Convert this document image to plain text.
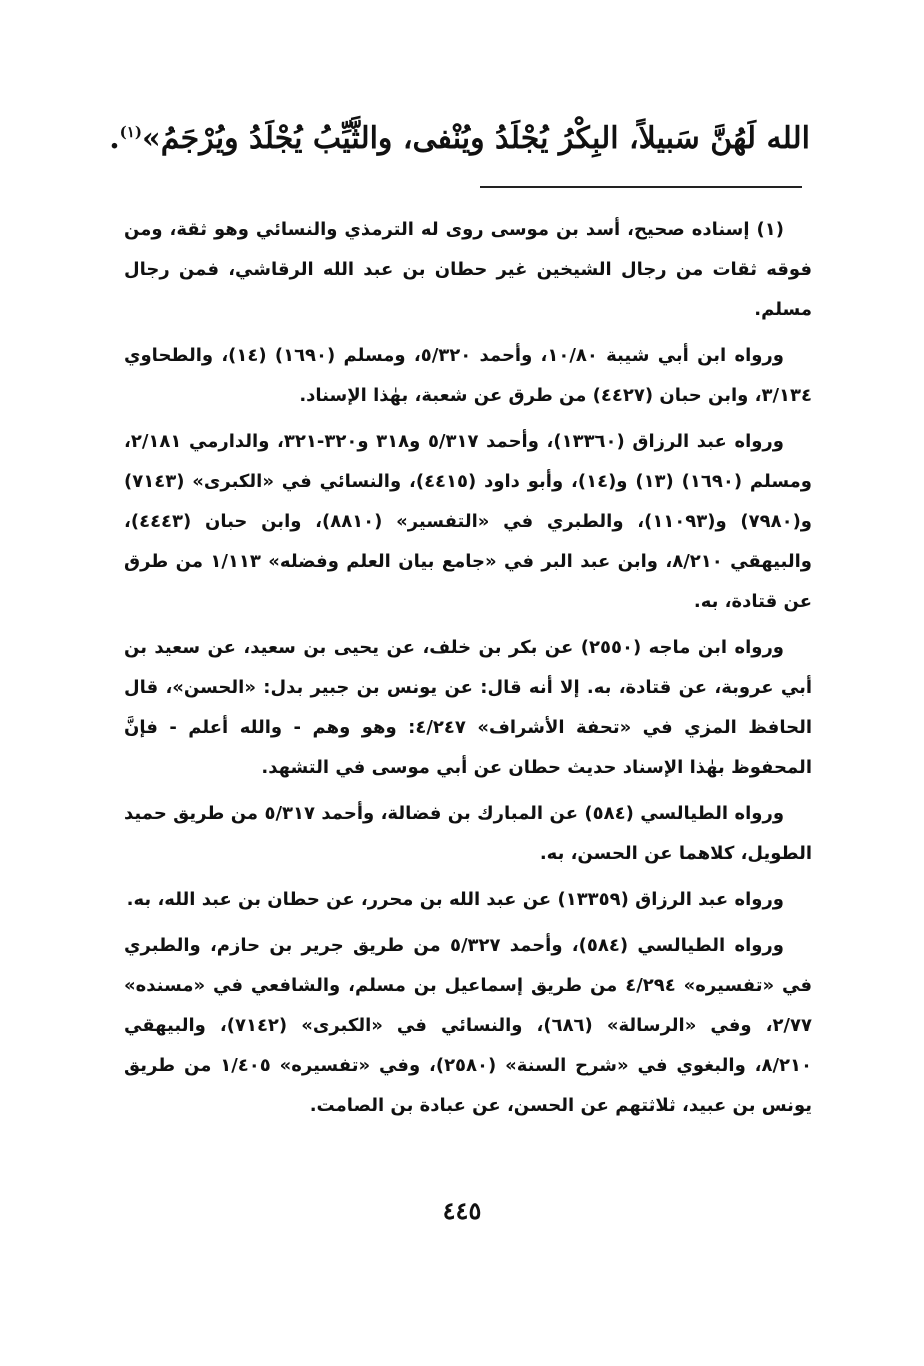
الله لَهُنَّ سَبيلاً، البِكْرُ يُجْلَدُ ويُنْفى، والثَّيِّبُ يُجْلَدُ ويُرْجَمُ»$^{(١)}$.

(١) إسناده صحيح، أسد بن موسى روى له الترمذي والنسائي وهو ثقة، ومن فوقه ثقات من رجال الشيخين غير حطان بن عبد الله الرقاشي، فمن رجال مسلم.

ورواه ابن أبي شيبة ١٠/٨٠، وأحمد ٥/٣٢٠، ومسلم (١٦٩٠) (١٤)، والطحاوي ٣/١٣٤، وابن حبان (٤٤٢٧) من طرق عن شعبة، بهٰذا الإسناد.

ورواه عبد الرزاق (١٣٣٦٠)، وأحمد ٥/٣١٧ و٣١٨ و٣٢٠-٣٢١، والدارمي ٢/١٨١، ومسلم (١٦٩٠) (١٣) و(١٤)، وأبو داود (٤٤١٥)، والنسائي في «الكبرى» (٧١٤٣) و(٧٩٨٠) و(١١٠٩٣)، والطبري في «التفسير» (٨٨١٠)، وابن حبان (٤٤٤٣)، والبيهقي ٨/٢١٠، وابن عبد البر في «جامع بيان العلم وفضله» ١/١١٣ من طرق عن قتادة، به.

ورواه ابن ماجه (٢٥٥٠) عن بكر بن خلف، عن يحيى بن سعيد، عن سعيد بن أبي عروبة، عن قتادة، به. إلا أنه قال: عن يونس بن جبير بدل: «الحسن»، قال الحافظ المزي في «تحفة الأشراف» ٤/٢٤٧: وهو وهم - والله أعلم - فإنَّ المحفوظ بهٰذا الإسناد حديث حطان عن أبي موسى في التشهد.

ورواه الطيالسي (٥٨٤) عن المبارك بن فضالة، وأحمد ٥/٣١٧ من طريق حميد الطويل، كلاهما عن الحسن، به.

ورواه عبد الرزاق (١٣٣٥٩) عن عبد الله بن محرر، عن حطان بن عبد الله، به.

ورواه الطيالسي (٥٨٤)، وأحمد ٥/٣٢٧ من طريق جرير بن حازم، والطبري في «تفسيره» ٤/٢٩٤ من طريق إسماعيل بن مسلم، والشافعي في «مسنده» ٢/٧٧، وفي «الرسالة» (٦٨٦)، والنسائي في «الكبرى» (٧١٤٢)، والبيهقي ٨/٢١٠، والبغوي في «شرح السنة» (٢٥٨٠)، وفي «تفسيره» ١/٤٠٥ من طريق يونس بن عبيد، ثلاثتهم عن الحسن، عن عبادة بن الصامت.

٤٤٥
